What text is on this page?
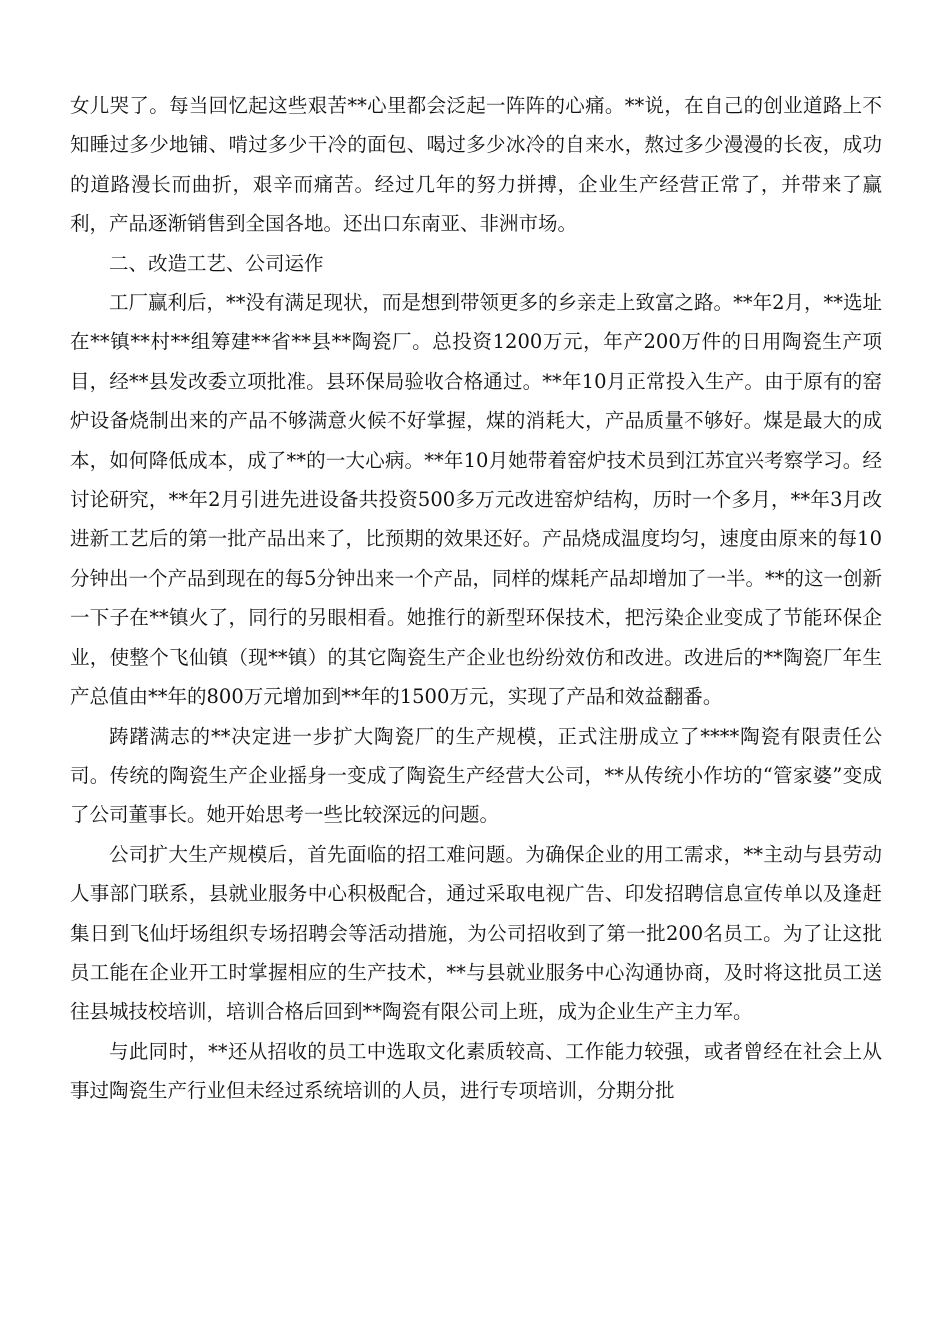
女儿哭了。每当回忆起这些艰苦**心里都会泛起一阵阵的心痛。**说，在自己的创业道路上不知睡过多少地铺、啃过多少干冷的面包、喝过多少冰冷的自来水，熬过多少漫漫的长夜，成功的道路漫长而曲折，艰辛而痛苦。经过几年的努力拼搏，企业生产经营正常了，并带来了赢利，产品逐渐销售到全国各地。还出口东南亚、非洲市场。

二、改造工艺、公司运作

工厂赢利后，**没有满足现状，而是想到带领更多的乡亲走上致富之路。**年2月，**选址在**镇**村**组筹建**省**县**陶瓷厂。总投资1200万元，年产200万件的日用陶瓷生产项目，经**县发改委立项批准。县环保局验收合格通过。**年10月正常投入生产。由于原有的窑炉设备烧制出来的产品不够满意火候不好掌握，煤的消耗大，产品质量不够好。煤是最大的成本，如何降低成本，成了**的一大心病。**年10月她带着窑炉技术员到江苏宜兴考察学习。经讨论研究，**年2月引进先进设备共投资500多万元改进窑炉结构，历时一个多月，**年3月改进新工艺后的第一批产品出来了，比预期的效果还好。产品烧成温度均匀，速度由原来的每10分钟出一个产品到现在的每5分钟出来一个产品，同样的煤耗产品却增加了一半。**的这一创新一下子在**镇火了，同行的另眼相看。她推行的新型环保技术，把污染企业变成了节能环保企业，使整个飞仙镇（现**镇）的其它陶瓷生产企业也纷纷效仿和改进。改进后的**陶瓷厂年生产总值由**年的800万元增加到**年的1500万元，实现了产品和效益翻番。

踌躇满志的**决定进一步扩大陶瓷厂的生产规模，正式注册成立了****陶瓷有限责任公司。传统的陶瓷生产企业摇身一变成了陶瓷生产经营大公司，**从传统小作坊的“管家婆”变成了公司董事长。她开始思考一些比较深远的问题。

公司扩大生产规模后，首先面临的招工难问题。为确保企业的用工需求，**主动与县劳动人事部门联系，县就业服务中心积极配合，通过采取电视广告、印发招聘信息宣传单以及逢赶集日到飞仙圩场组织专场招聘会等活动措施，为公司招收到了第一批200名员工。为了让这批员工能在企业开工时掌握相应的生产技术，**与县就业服务中心沟通协商，及时将这批员工送往县城技校培训，培训合格后回到**陶瓷有限公司上班，成为企业生产主力军。

与此同时，**还从招收的员工中选取文化素质较高、工作能力较强，或者曾经在社会上从事过陶瓷生产行业但未经过系统培训的人员，进行专项培训，分期分批
